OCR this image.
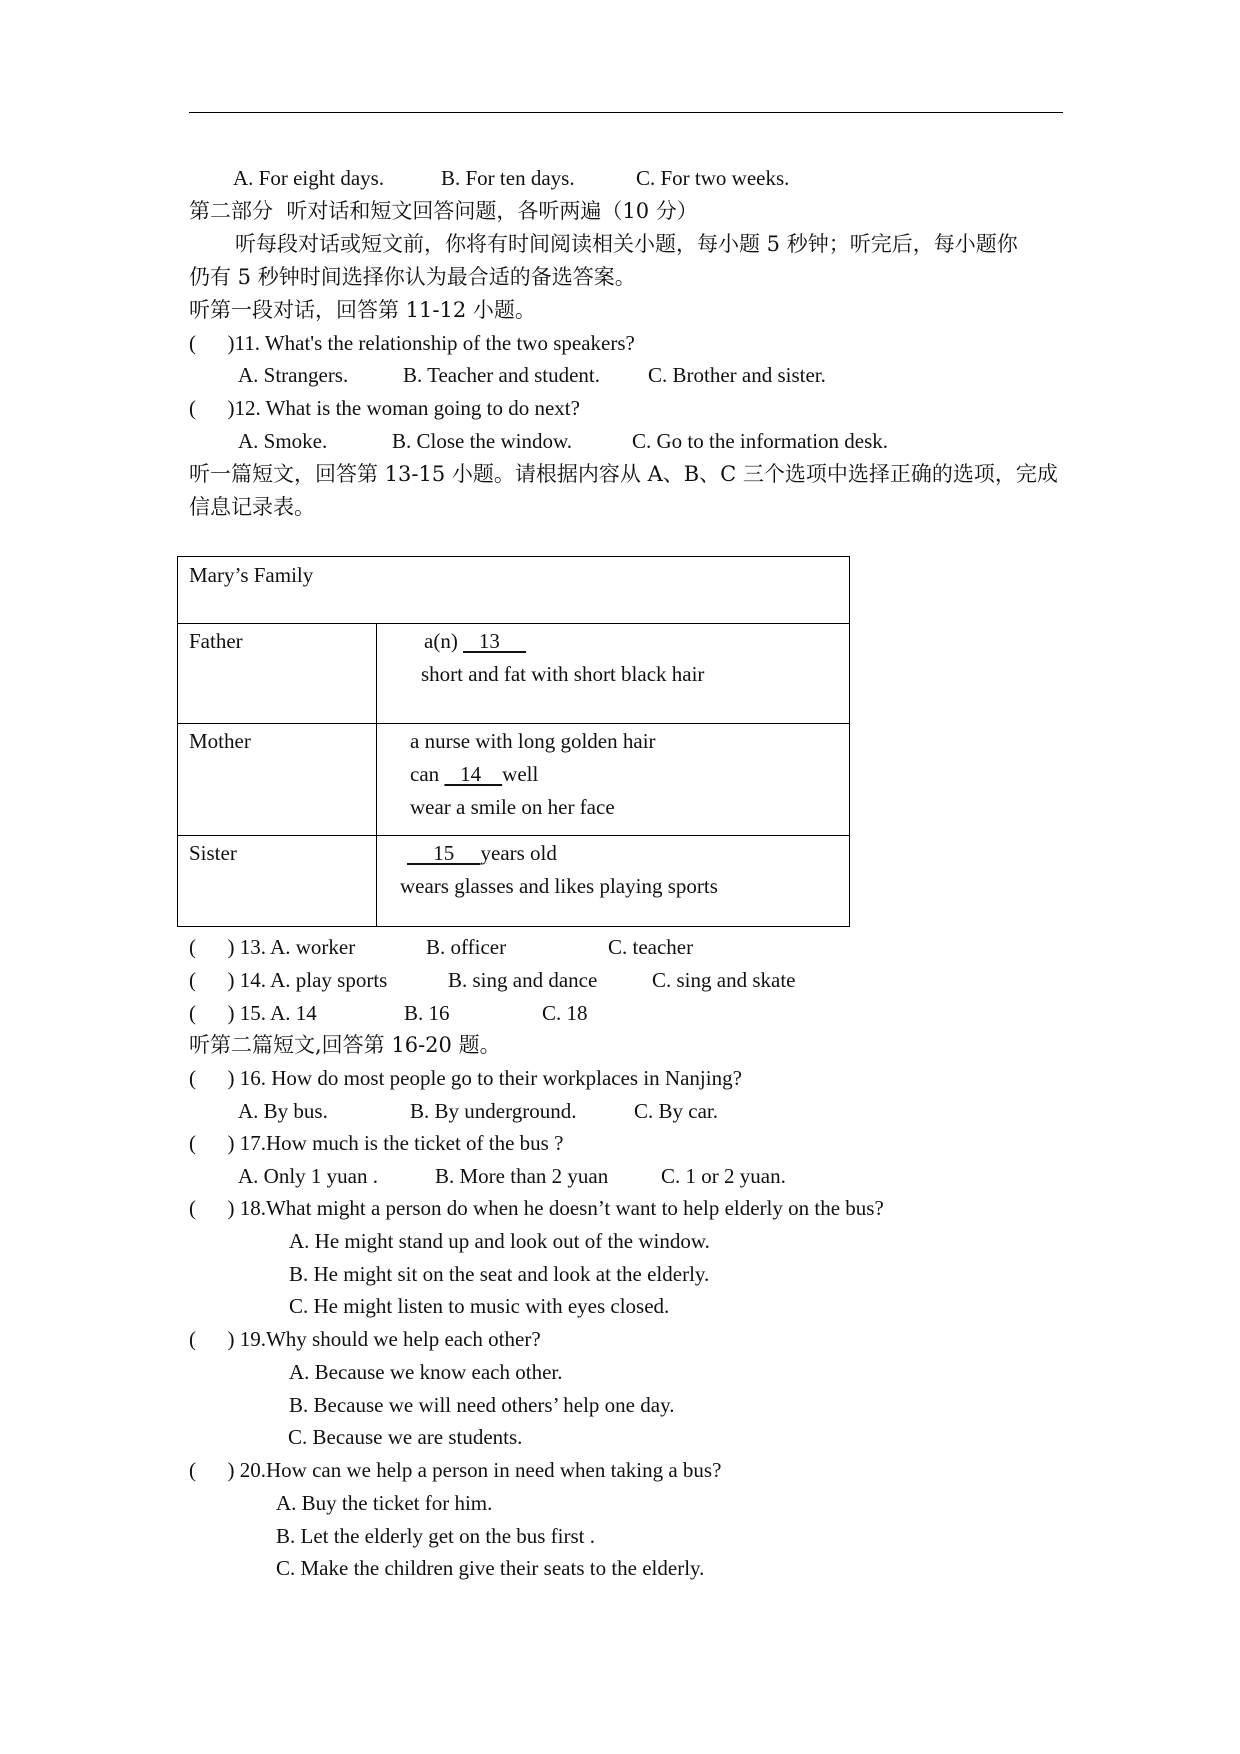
A. For eight days.	B. For ten days.	C. For two weeks.
第二部分  听对话和短文回答问题，各听两遍（10 分）
听每段对话或短文前，你将有时间阅读相关小题，每小题 5 秒钟；听完后，每小题你
仍有 5 秒钟时间选择你认为最合适的备选答案。
听第一段对话，回答第 11-12 小题。
(      )11. What's the relationship of the two speakers?
A. Strangers.	B. Teacher and student. C. Brother and sister.
(      )12. What is the woman going to do next?
A. Smoke.	B. Close the window.	C. Go to the information desk.
听一篇短文，回答第 13-15 小题。请根据内容从 A、B、C 三个选项中选择正确的选项，完成
信息记录表。
Mary’s Family
Father	a(n)    13
short and fat with short black hair
Mother	a nurse with long golden hair
can    14    well
wear a smile on her face
Sister	15     years old
wears glasses and likes playing sports
(      ) 13. A. worker	B. officer	C. teacher
(      ) 14. A. play sports	B. sing and dance	C. sing and skate
(      ) 15. A. 14	B. 16	C. 18
听第二篇短文,回答第 16-20 题。
(      ) 16. How do most people go to their workplaces in Nanjing?
A. By bus.	B. By underground.	C. By car.
(      ) 17.How much is the ticket of the bus ?
A. Only 1 yuan .	B. More than 2 yuan	C. 1 or 2 yuan.
(      ) 18.What might a person do when he doesn’t want to help elderly on the bus?
A. He might stand up and look out of the window.
B. He might sit on the seat and look at the elderly.
C. He might listen to music with eyes closed.
(      ) 19.Why should we help each other?
A. Because we know each other.
B. Because we will need others’ help one day.
C. Because we are students.
(      ) 20.How can we help a person in need when taking a bus?
A. Buy the ticket for him.
B. Let the elderly get on the bus first .
C. Make the children give their seats to the elderly.
